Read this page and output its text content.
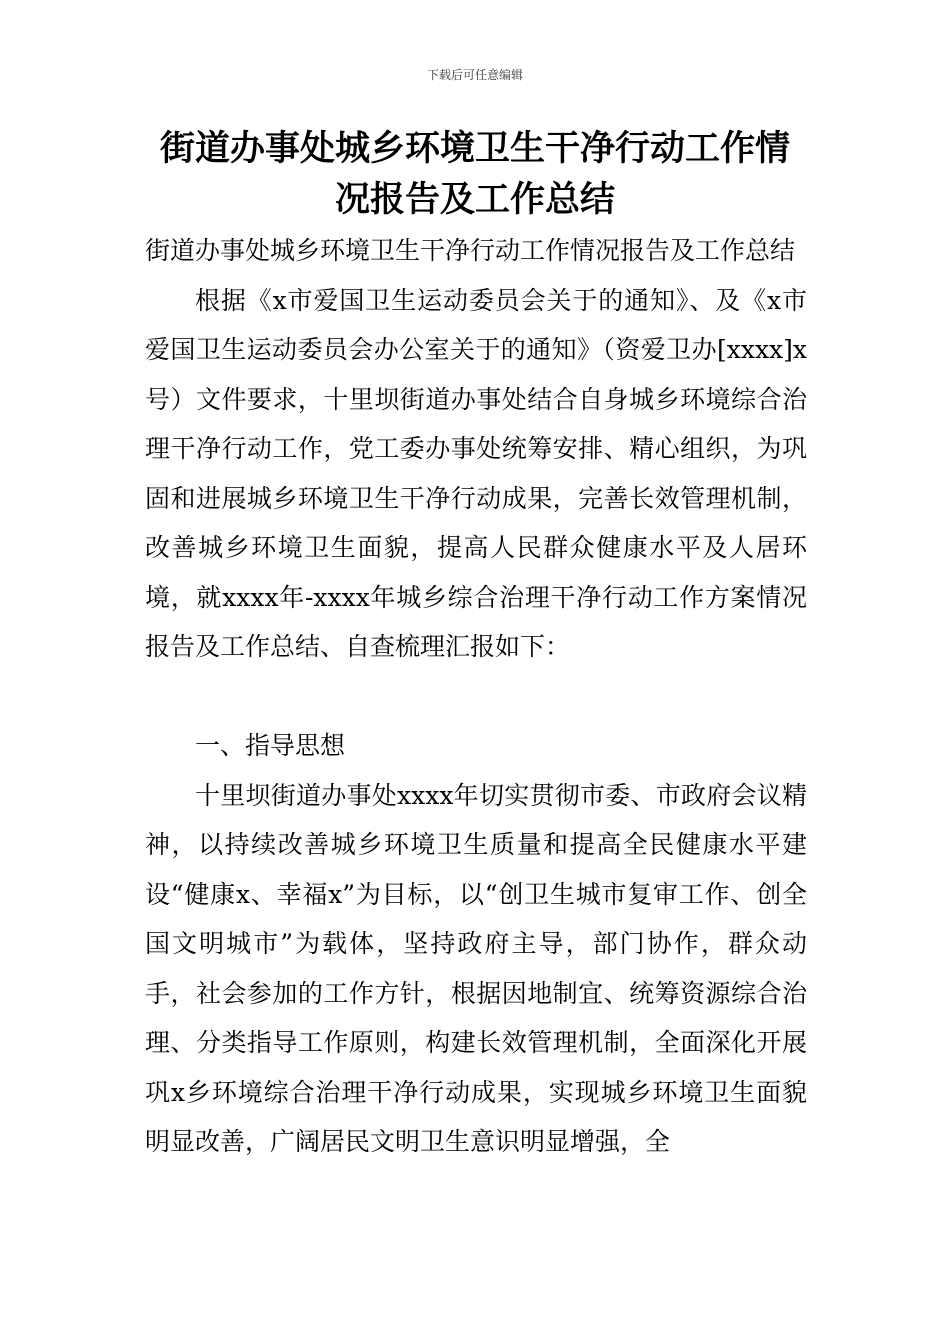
下载后可任意编辑
街道办事处城乡环境卫生干净行动工作情况报告及工作总结

街道办事处城乡环境卫生干净行动工作情况报告及工作总结

根据《x市爱国卫生运动委员会关于的通知》、及《x市爱国卫生运动委员会办公室关于的通知》（资爱卫办[xxxx]x号）文件要求，十里坝街道办事处结合自身城乡环境综合治理干净行动工作，党工委办事处统筹安排、精心组织，为巩固和进展城乡环境卫生干净行动成果，完善长效管理机制，改善城乡环境卫生面貌，提高人民群众健康水平及人居环境，就xxxx年-xxxx年城乡综合治理干净行动工作方案情况报告及工作总结、自查梳理汇报如下：

一、指导思想

十里坝街道办事处xxxx年切实贯彻市委、市政府会议精神，以持续改善城乡环境卫生质量和提高全民健康水平建设“健康x、幸福x”为目标，以“创卫生城市复审工作、创全国文明城市”为载体，坚持政府主导，部门协作，群众动手，社会参加的工作方针，根据因地制宜、统筹资源综合治理、分类指导工作原则，构建长效管理机制，全面深化开展巩x乡环境综合治理干净行动成果，实现城乡环境卫生面貌明显改善，广阔居民文明卫生意识明显增强，全
